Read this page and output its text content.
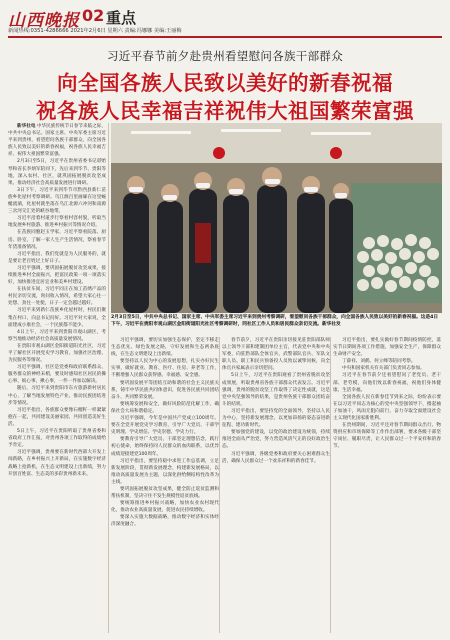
山西晚报 02 重点
新闻热线:0351-4286666 2021年2月6日 星期六 责编:冯娜娜 美编:王丽梅
习近平春节前夕赴贵州看望慰问各族干部群众
向全国各族人民致以美好的新春祝福
祝各族人民幸福吉祥祝伟大祖国繁荣富强

新华社电 中华民族传统节日春节来临之际，中共中央总书记、国家主席、中央军委主席习近平来到贵州，看望慰问各族干部群众，向全国各族人民致以美好的新春祝福，祝各族人民幸福吉祥，祝伟大祖国繁荣富强。

2月3日至5日，习近平在贵州省委书记谌贻琴和省长李炳军陪同下，先后来到毕节、贵阳等地，深入农村、社区，就巩固拓展脱贫攻坚成果、推动经济社会高质量发展进行调研。

3日下午，习近平来到毕节市黔西县新仁苗族乡化屋村考察调研。乌江源百里画廊在这里蜿蜒流淌，化屋村就坐落在乌江北源六冲河和南源三岔河交汇处的峡谷地带。

习近平沿着村道步行察看村容村貌，听取当地发展乡村旅游、推进乡村振兴等情况介绍。

在苗族同胞赵玉学家，习近平察看院落、厨房、卧室，了解一家人生产生活情况，察看春节年货准备情况。

习近平指出，我们党就是为人民服务的，就是要让老百姓过上好日子。

习近平强调，要巩固拓展脱贫攻坚成果，接续推进乡村全面振兴，把富民政策一项一项落实好，加快推进宜居宜业和美乡村建设。

在扶贫车间，习近平同正在加工苗绣产品的村民亲切交流，询问收入情况，希望大家心往一处想、劲往一处使，日子一定会越过越好。

习近平来到新仁苗族乡化屋村时，村民们聚集在村口，向总书记问好。习近平对大家说，全面建成小康社会，一个民族都不能少。

4日上午，习近平来到贵阳市观山湖区，考察当地推动经济社会高质量发展情况。

在贵阳市观山湖区金阳街道阳光社区，习近平了解社区开展党史学习教育、加强社区治理、为民服务等情况。

习近平强调，社区是党委和政府联系群众、服务群众的神经末梢，要及时感知社区居民的操心事、烦心事、揪心事，一件一件加以解决。

随后，习近平来到贵阳市东方旅游新村居民中心，了解当地发展特色产业、推动民族团结进步等情况。

习近平指出，各族群众要像石榴籽一样紧紧抱在一起，共同建设美丽家园、共同创造美好生活。

5日上午，习近平在贵阳听取了贵州省委和省政府工作汇报，对贵州各项工作取得的成绩给予肯定。

习近平强调，贵州要在新时代西部大开发上闯新路，在乡村振兴上开新局，在实施数字经济战略上抢新机，在生态文明建设上出新绩，努力开创百姓富、生态美的多彩贵州新未来。

2月3日至5日，中共中央总书记、国家主席、中央军委主席习近平来到贵州考察调研，看望慰问各族干部群众，向全国各族人民致以美好的新春祝福。这是4日下午，习近平在贵阳市观山湖区金阳街道阳光社区考察调研时，同社区工作人员和居民群众亲切交流。新华社发

习近平强调，要切实加强生态保护，坚定不移走生态优先、绿色发展之路，守好发展和生态两条底线，在生态文明建设上出新绩。

要坚持以人民为中心的发展思想，扎实办好民生实事，做好就业、教育、医疗、住房、养老等工作，不断增强人民群众获得感、幸福感、安全感。

要巩固发展平等团结互助和谐的社会主义民族关系，铸牢中华民族共同体意识，促进各民族共同团结奋斗、共同繁荣发展。

要统筹发展和安全，做好风险防范化解工作，确保社会大局和谐稳定。

习近平强调，今年是中国共产党成立100周年。要在全党开展党史学习教育，引导广大党员、干部学史明理、学史增信、学史崇德、学史力行。

要教育引导广大党员、干部坚定理想信念，践行初心使命，始终保持同人民群众的血肉联系，以优异成绩迎接建党100周年。

习近平指出，要坚持稳中求进工作总基调，立足新发展阶段，贯彻新发展理念，构建新发展格局，以推动高质量发展为主题，以深化供给侧结构性改革为主线。

要巩固拓展脱贫攻坚成果，健全防止返贫监测和帮扶机制，坚决守住不发生规模性返贫底线。

要统筹推进乡村振兴战略，加快农业农村现代化，推动农业高质量发展，促进农民持续增收。

要深入实施大数据战略，推动数字经济和实体经济深度融合。

春节前夕，习近平在贵阳亲切接见驻贵阳部队师以上领导干部和建制团单位主官，代表党中央和中央军委，向驻黔部队全体官兵、武警部队官兵、军队文职人员、职工和民兵预备役人员致以诚挚问候，向全体官兵家属表示亲切慰问。

5日上午，习近平在贵阳观看了贵州省脱贫攻坚成果展，听取贵州省各族干部群众代表发言。习近平强调，贵州的脱贫攻坚工作取得了决定性成就，这是党中央坚强领导的结果，是贵州各族干部群众团结奋斗的结果。

习近平指出，要坚持党的全面领导，坚持以人民为中心，坚持新发展理念，以更加昂扬的姿态奋进新征程、建功新时代。

要加强党的建设，以党的政治建设为统领，持续推进全面从严治党，努力营造风清气正的良好政治生态。

习近平强调，各级党委和政府要关心困难群众生活，确保人民群众过一个欢乐祥和的新春佳节。

习近平指出，要扎实做好春节期间疫情防控，落实节日期间各项工作措施，加强安全生产，保障群众生命财产安全。

丁薛祥、刘鹤、何立峰等陪同考察。

中央和国家机关有关部门负责同志参加。

习近平在春节前夕还看望慰问了老党员、老干部、老劳模，向他们致以新春祝福，祝他们身体健康、生活幸福。

全国各族人民在新春佳节到来之际，纷纷表示要在以习近平同志为核心的党中央坚强领导下，撸起袖子加油干，风雨无阻向前行，奋力夺取全面建设社会主义现代化国家新胜利。

在贵州期间，习近平还对春节期间群众出行、物资供应和市场保障等工作作出部署，要求各级干部坚守岗位、履职尽责，让人民群众过一个平安祥和的春节。
